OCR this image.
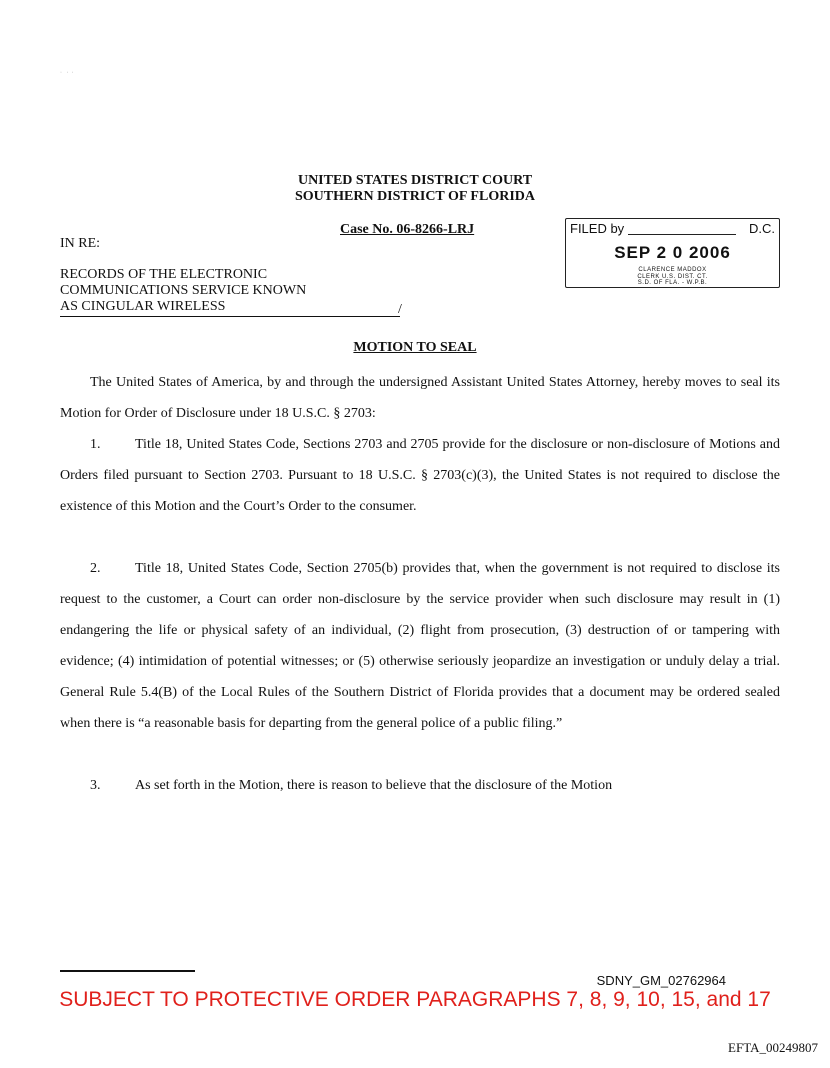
·   ·  ·
UNITED STATES DISTRICT COURT
SOUTHERN DISTRICT OF FLORIDA
Case No. 06-8266-LRJ
IN RE:
RECORDS OF THE ELECTRONIC
COMMUNICATIONS SERVICE KNOWN
AS CINGULAR WIRELESS	/
FILED by	D.C.
SEP 2 0 2006
CLARENCE MADDOX
CLERK U.S. DIST. CT.
S.D. OF FLA. - W.P.B.
MOTION TO SEAL
The United States of America, by and through the undersigned Assistant United States Attorney, hereby moves to seal its Motion for Order of Disclosure under 18 U.S.C. § 2703:
1. Title 18, United States Code, Sections 2703 and 2705 provide for the disclosure or non-disclosure of Motions and Orders filed pursuant to Section 2703. Pursuant to 18 U.S.C. § 2703(c)(3), the United States is not required to disclose the existence of this Motion and the Court’s Order to the consumer.
2. Title 18, United States Code, Section 2705(b) provides that, when the government is not required to disclose its request to the customer, a Court can order non-disclosure by the service provider when such disclosure may result in (1) endangering the life or physical safety of an individual, (2) flight from prosecution, (3) destruction of or tampering with evidence; (4) intimidation of potential witnesses; or (5) otherwise seriously jeopardize an investigation or unduly delay a trial. General Rule 5.4(B) of the Local Rules of the Southern District of Florida provides that a document may be ordered sealed when there is “a reasonable basis for departing from the general police of a public filing.”
3. As set forth in the Motion, there is reason to believe that the disclosure of the Motion
SDNY_GM_02762964
SUBJECT TO PROTECTIVE ORDER PARAGRAPHS 7, 8, 9, 10, 15, and 17
EFTA_00249807
